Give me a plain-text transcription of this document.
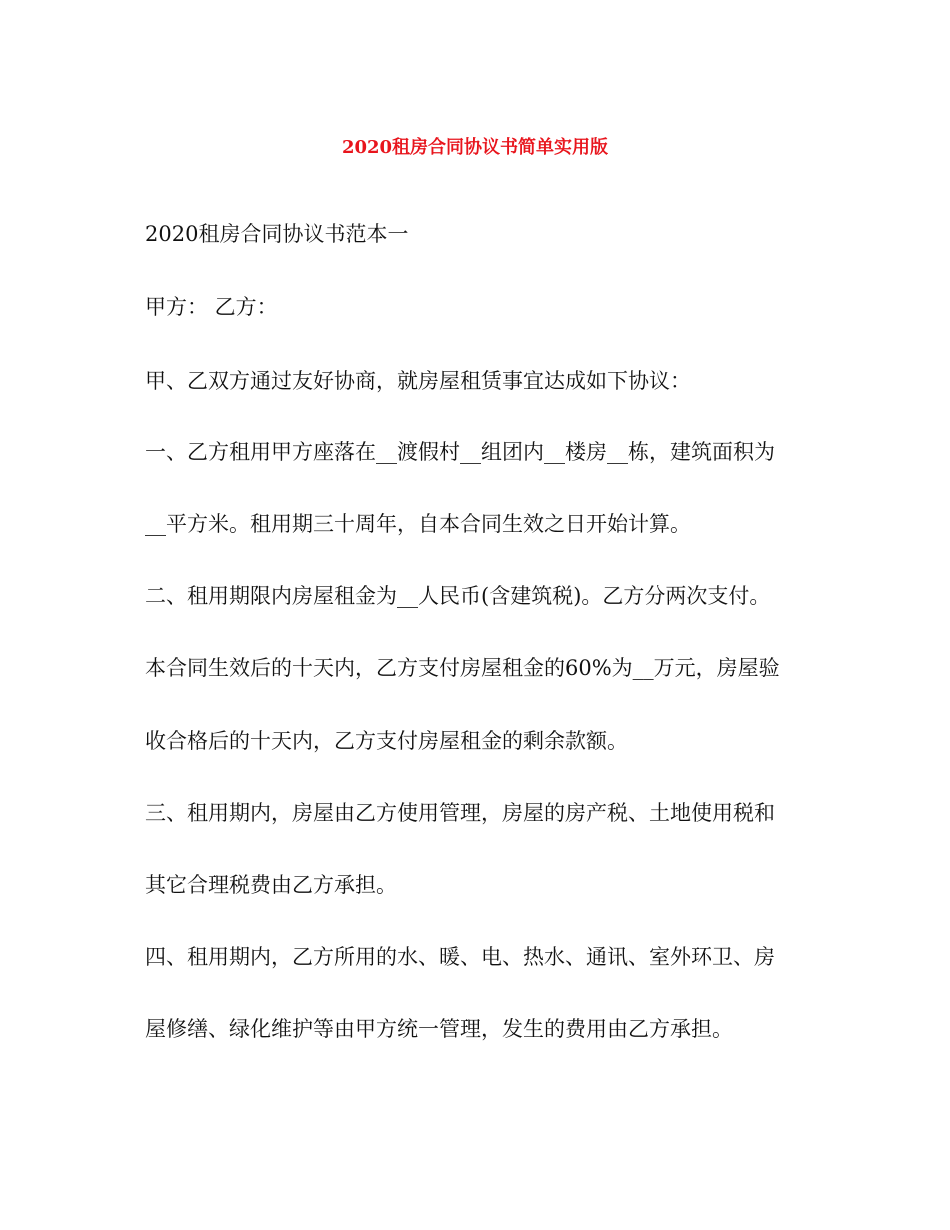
2020租房合同协议书简单实用版
2020租房合同协议书范本一
甲方： 乙方：
甲、乙双方通过友好协商，就房屋租赁事宜达成如下协议：
一、乙方租用甲方座落在__渡假村__组团内__楼房__栋，建筑面积为
__平方米。租用期三十周年，自本合同生效之日开始计算。
二、租用期限内房屋租金为__人民币(含建筑税)。乙方分两次支付。
本合同生效后的十天内，乙方支付房屋租金的60%为__万元，房屋验
收合格后的十天内，乙方支付房屋租金的剩余款额。
三、租用期内，房屋由乙方使用管理，房屋的房产税、土地使用税和
其它合理税费由乙方承担。
四、租用期内，乙方所用的水、暖、电、热水、通讯、室外环卫、房
屋修缮、绿化维护等由甲方统一管理，发生的费用由乙方承担。
